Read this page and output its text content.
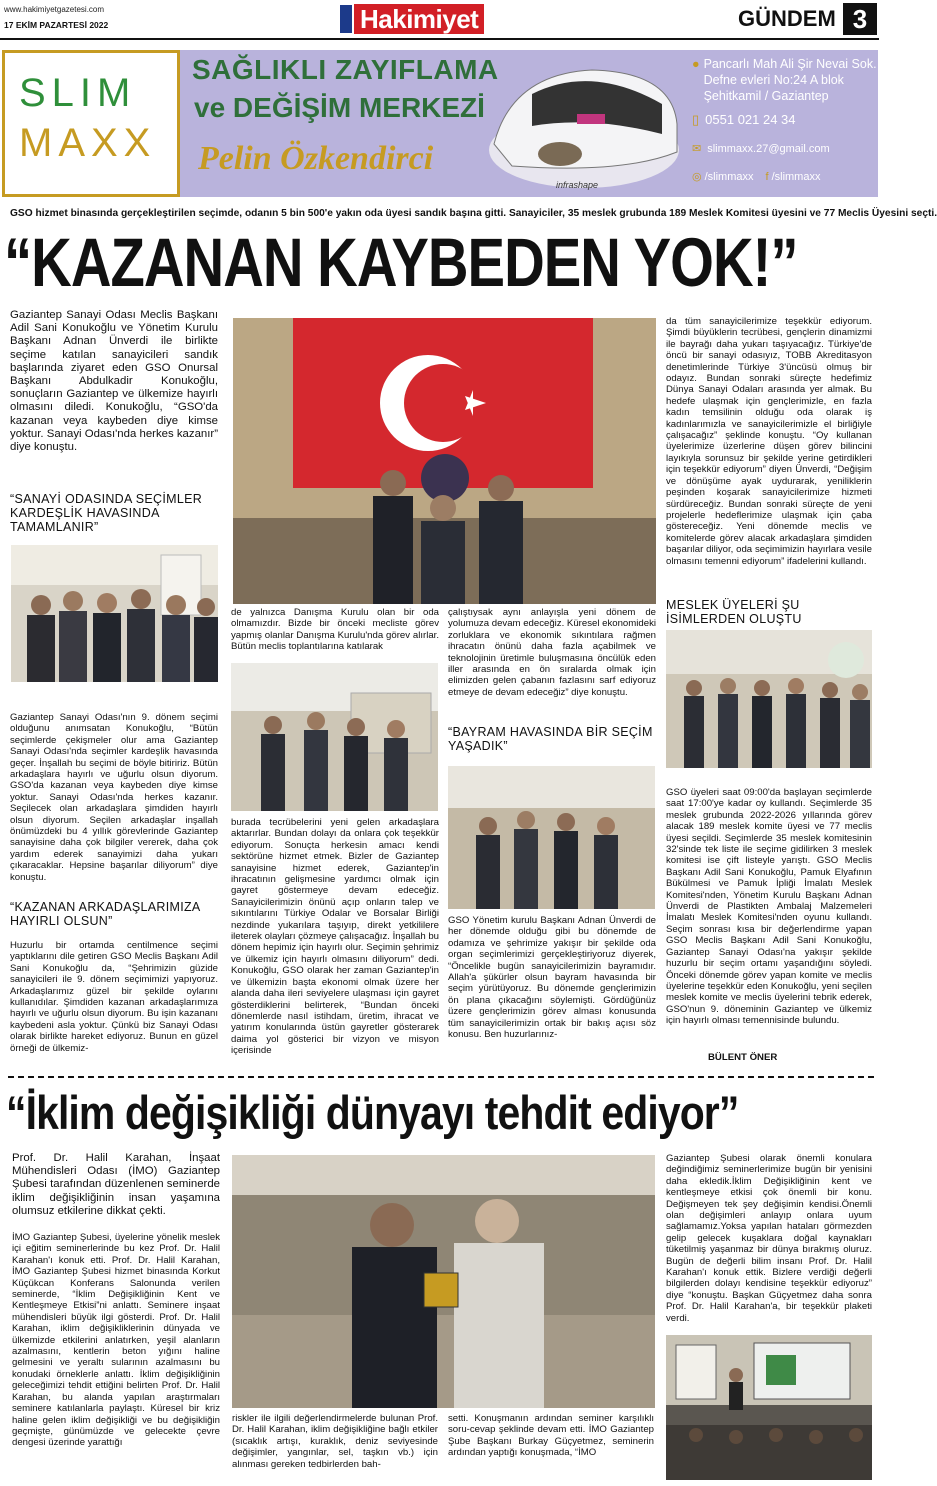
www.hakimiyetgazetesi.com
17 EKİM PAZARTESİ 2022	Hakimiyet	GÜNDEM 3
SLIM
MAXX
SAĞLIKLI ZAYIFLAMA
ve DEĞİŞİM MERKEZİ
Pelin Özkendirci
infrashape
● Pancarlı Mah Ali Şir Nevai Sok.
Defne evleri No:24 A blok
Şehitkamil / Gaziantep
▯ 0551 021 24 34
✉ slimmaxx.27@gmail.com
◎ /slimmaxx f /slimmaxx
GSO hizmet binasında gerçekleştirilen seçimde, odanın 5 bin 500'e yakın oda üyesi sandık başına gitti. Sanayiciler, 35 meslek grubunda 189 Meslek Komitesi üyesini ve 77 Meclis Üyesini seçti.
“KAZANAN KAYBEDEN YOK!”
Gaziantep Sanayi Odası Meclis Başkanı Adil Sani Konukoğlu ve Yönetim Kurulu Başkanı Adnan Ünverdi ile birlikte seçime katılan sanayicileri sandık başlarında ziyaret eden GSO Onursal Başkanı Abdulkadir Konukoğlu, sonuçların Gaziantep ve ülkemize hayırlı olmasını diledi. Konukoğlu, “GSO'da kazanan veya kaybeden diye kimse yoktur. Sanayi Odası'nda herkes kazanır” diye konuştu.
“SANAYİ ODASINDA SEÇİMLER KARDEŞLİK HAVASINDA TAMAMLANIR”
Gaziantep Sanayi Odası'nın 9. dönem seçimi olduğunu anımsatan Konukoğlu, “Bütün seçimlerde çekişmeler olur ama Gaziantep Sanayi Odası'nda seçimler kardeşlik havasında geçer. İnşallah bu seçimi de böyle bitiririz. Bütün arkadaşlara hayırlı ve uğurlu olsun diyorum. GSO'da kazanan veya kaybeden diye kimse yoktur. Sanayi Odası'nda herkes kazanır. Seçilecek olan arkadaşlara şimdiden hayırlı olsun diyorum. Seçilen arkadaşlar inşallah önümüzdeki bu 4 yıllık görevlerinde Gaziantep sanayisine daha çok bilgiler vererek, daha çok yardım ederek sanayimizi daha yukarı çıkaracaklar. Hepsine başarılar diliyorum” diye konuştu.
“KAZANAN ARKADAŞLARIMIZA HAYIRLI OLSUN”
Huzurlu bir ortamda centilmence seçimi yaptıklarını dile getiren GSO Meclis Başkanı Adil Sani Konukoğlu da, “Şehrimizin güzide sanayicileri ile 9. dönem seçimimizi yapıyoruz. Arkadaşlarımız güzel bir şekilde oylarını kullanıdılar. Şimdiden kazanan arkadaşlarımıza hayırlı ve uğurlu olsun diyorum. Bu işin kazananı kaybedeni asla yoktur. Çünkü biz Sanayi Odası olarak birlikte hareket ediyoruz. Bunun en güzel örneği de ülkemiz-
de yalnızca Danışma Kurulu olan bir oda olmamızdır. Bizde bir önceki mecliste görev yapmış olanlar Danışma Kurulu'nda görev alırlar. Bütün meclis toplantılarına katılarak
burada tecrübelerini yeni gelen arkadaşlara aktarırlar. Bundan dolayı da onlara çok teşekkür ediyorum. Sonuçta herkesin amacı kendi sektörüne hizmet etmek. Bizler de Gaziantep sanayisine hizmet ederek, Gaziantep'in ihracatının gelişmesine yardımcı olmak için gayret göstermeye devam edeceğiz. Sanayicilerimizin önünü açıp onların talep ve sıkıntılarını Türkiye Odalar ve Borsalar Birliği nezdinde yukarılara taşıyıp, direkt yetkililere ileterek olayları çözmeye çalışacağız. İnşallah bu dönem hepimiz için hayırlı olur. Seçimin şehrimiz ve ülkemiz için hayırlı olmasını diliyorum” dedi. Konukoğlu, GSO olarak her zaman Gaziantep'in ve ülkemizin başta ekonomi olmak üzere her alanda daha ileri seviyelere ulaşması için gayret gösterdiklerini belirterek, “Bundan önceki dönemlerde nasıl istihdam, üretim, ihracat ve yatırım konularında üstün gayretler gösterarek daima yol gösterici bir vizyon ve misyon içerisinde
çalıştıysak aynı anlayışla yeni dönem de yolumuza devam edeceğiz. Küresel ekonomideki zorluklara ve ekonomik sıkıntılara rağmen ihracatın önünü daha fazla açabilmek ve teknolojinin üretimle buluşmasına öncülük eden iller arasında en ön sıralarda olmak için elimizden gelen çabanın fazlasını sarf ediyoruz etmeye de devam edeceğiz” diye konuştu.
“BAYRAM HAVASINDA BİR SEÇİM YAŞADIK”
GSO Yönetim kurulu Başkanı Adnan Ünverdi de her dönemde olduğu gibi bu dönemde de odamıza ve şehrimize yakışır bir şekilde oda organ seçimlerimizi gerçekleştiriyoruz diyerek, “Öncelikle bugün sanayicilerimizin bayramıdır. Allah'a şükürler olsun bayram havasında bir seçim yürütüyoruz. Bu dönemde gençlerimizin ön plana çıkacağını söylemişti. Gördüğünüz üzere gençlerimizin görev alması konusunda tüm sanayicilerimizin ortak bir bakış açısı söz konusu. Ben huzurlarınız-
da tüm sanayicilerimize teşekkür ediyorum. Şimdi büyüklerin tecrübesi, gençlerin dinamizmi ile bayrağı daha yukarı taşıyacağız. Türkiye'de öncü bir sanayi odasıyız, TOBB Akreditasyon denetimlerinde Türkiye 3'üncüsü olmuş bir odayız. Bundan sonraki süreçte hedefimiz Dünya Sanayi Odaları arasında yer almak. Bu hedefe ulaşmak için gençlerimizle, en fazla kadın temsilinin olduğu oda olarak iş kadınlarımızla ve sanayicilerimizle el birliğiyle çalışacağız” şeklinde konuştu. “Oy kullanan üyelerimize üzerlerine düşen görev bilincini layıkıyla sorunsuz bir şekilde yerine getirdikleri için teşekkür ediyorum” diyen Ünverdi, “Değişim ve dönüşüme ayak uydurarak, yeniliklerin peşinden koşarak sanayicilerimize hizmeti sürdüreceğiz. Bundan sonraki süreçte de yeni projelerle hedeflerimize ulaşmak için çaba göstereceğiz. Yeni dönemde meclis ve komitelerde görev alacak arkadaşlara şimdiden başarılar diliyor, oda seçimimizin hayırlara vesile olmasını temenni ediyorum” ifadelerini kullandı.
MESLEK ÜYELERİ ŞU İSİMLERDEN OLUŞTU
GSO üyeleri saat 09:00'da başlayan seçimlerde saat 17:00'ye kadar oy kullandı. Seçimlerde 35 meslek grubunda 2022-2026 yıllarında görev alacak 189 meslek komite üyesi ve 77 meclis üyesi seçildi. Seçimlerde 35 meslek komitesinin 32'sinde tek liste ile seçime gidilirken 3 meslek komitesi ise çift listeyle yarıştı. GSO Meclis Başkanı Adil Sani Konukoğlu, Pamuk Elyafının Bükülmesi ve Pamuk İpliği İmalatı Meslek Komitesi'nden, Yönetim Kurulu Başkanı Adnan Ünverdi de Plastikten Ambalaj Malzemeleri İmalatı Meslek Komitesi'nden oyunu kullandı. Seçim sonrası kısa bir değerlendirme yapan GSO Meclis Başkanı Adil Sani Konukoğlu, Gaziantep Sanayi Odası'na yakışır şekilde huzurlu bir seçim ortamı yaşandığını söyledi. Önceki dönemde görev yapan komite ve meclis üyelerine teşekkür eden Konukoğlu, yeni seçilen meslek komite ve meclis üyelerini tebrik ederek, GSO'nun 9. döneminin Gaziantep ve ülkemiz için hayırlı olması temennisinde bulundu.
BÜLENT ÖNER
“İklim değişikliği dünyayı tehdit ediyor”
Prof. Dr. Halil Karahan, İnşaat Mühendisleri Odası (İMO) Gaziantep Şubesi tarafından düzenlenen seminerde iklim değişikliğinin insan yaşamına olumsuz etkilerine dikkat çekti.
İMO Gaziantep Şubesi, üyelerine yönelik meslek içi eğitim seminerlerinde bu kez Prof. Dr. Halil Karahan'ı konuk etti. Prof. Dr. Halil Karahan, İMO Gaziantep Şubesi hizmet binasında Korkut Küçükcan Konferans Salonunda verilen seminerde, “İklim Değişikliğinin Kent ve Kentleşmeye Etkisi”ni anlattı. Seminere inşaat mühendisleri büyük ilgi gösterdi. Prof. Dr. Halil Karahan, iklim değişikliklerinin dünyada ve ülkemizde etkilerini anlatırken, yeşil alanların azalmasını, kentlerin beton yığını haline gelmesini ve yeraltı sularının azalmasını bu konudaki örneklerle anlattı. İklim değişikliğinin geleceğimizi tehdit ettiğini belirten Prof. Dr. Halil Karahan, bu alanda yapılan araştırmaları seminere katılanlarla paylaştı. Küresel bir kriz haline gelen iklim değişikliği ve bu değişikliğin geçmişte, günümüzde ve gelecekte çevre dengesi üzerinde yarattığı
riskler ile ilgili değerlendirmelerde bulunan Prof. Dr. Halil Karahan, iklim değişikliğine bağlı etkiler (sıcaklık artışı, kuraklık, deniz seviyesinde değişimler, yangınlar, sel, taşkın vb.) için alınması gereken tedbirlerden bah-
setti. Konuşmanın ardından seminer karşılıklı soru-cevap şeklinde devam etti. İMO Gaziantep Şube Başkanı Burkay Güçyetmez, seminerin ardından yaptığı konuşmada, “İMO
Gaziantep Şubesi olarak önemli konulara değindiğimiz seminerlerimize bugün bir yenisini daha ekledik.İklim Değişikliğinin kent ve kentleşmeye etkisi çok önemli bir konu. Değişmeyen tek şey değişimin kendisi.Önemli olan değişimleri anlayıp onlara uyum sağlamamız.Yoksa yapılan hataları görmezden gelip gelecek kuşaklara doğal kaynakları tüketilmiş yaşanmaz bir dünya bırakmış oluruz. Bugün de değerli bilim insanı Prof. Dr. Halil Karahan'ı konuk ettik. Bizlere verdiği değerli bilgilerden dolayı kendisine teşekkür ediyoruz” diye “konuştu. Başkan Güçyetmez daha sonra Prof. Dr. Halil Karahan'a, bir teşekkür plaketi verdi.
